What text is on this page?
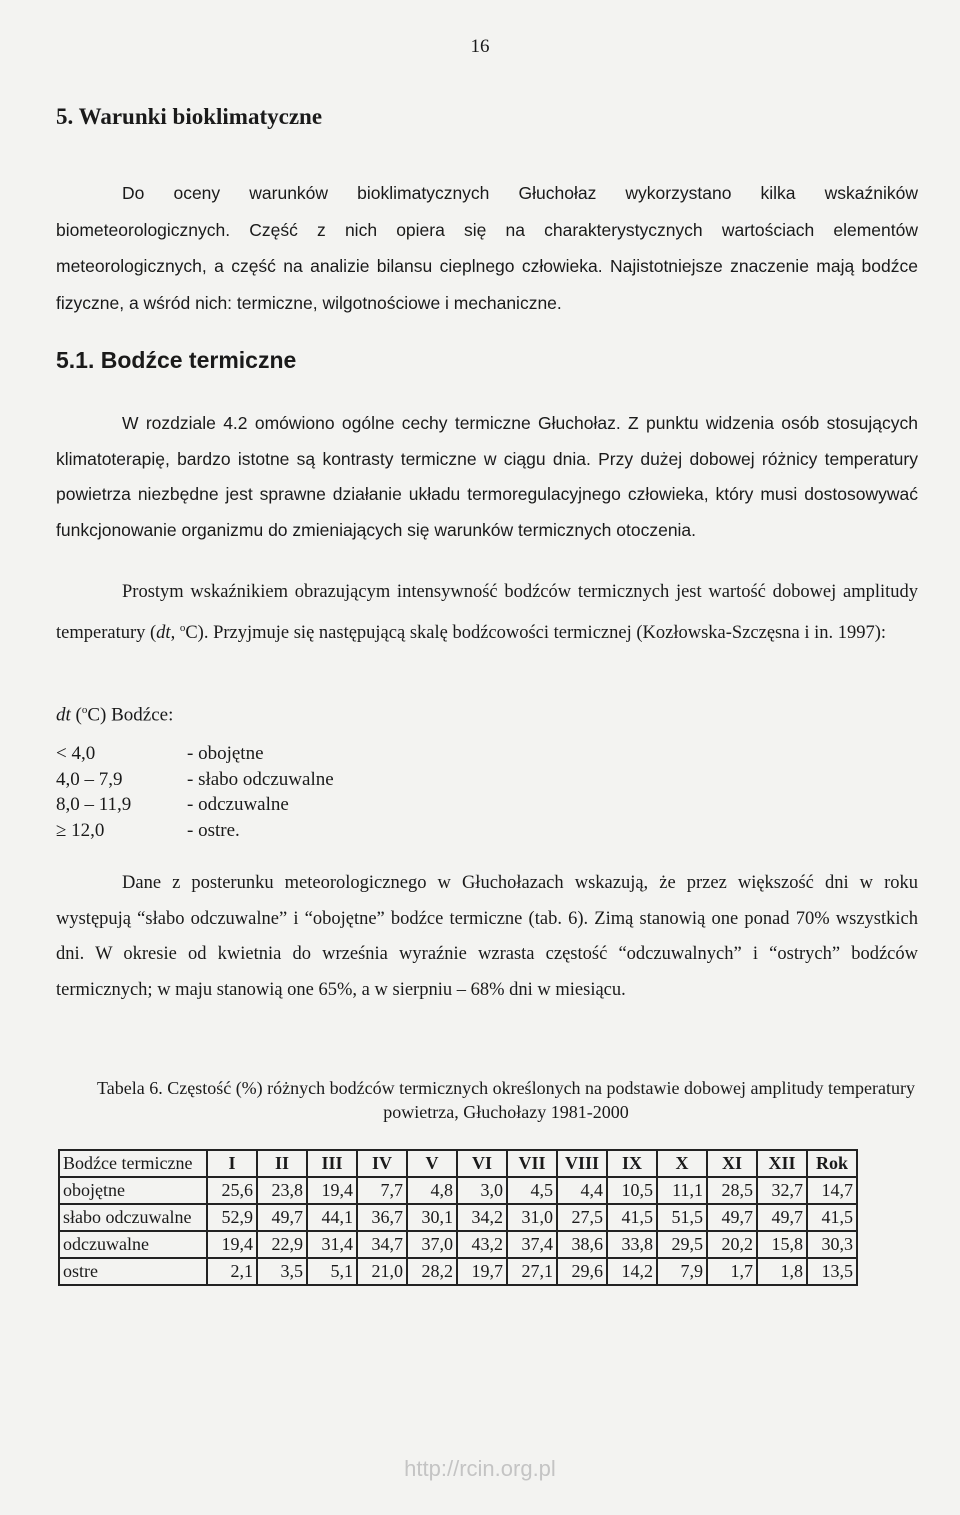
16
5. Warunki bioklimatyczne

Do oceny warunków bioklimatycznych Głuchołaz wykorzystano kilka wskaźników biometeorologicznych. Część z nich opiera się na charakterystycznych wartościach elementów meteorologicznych, a część na analizie bilansu cieplnego człowieka. Najistotniejsze znaczenie mają bodźce fizyczne, a wśród nich: termiczne, wilgotnościowe i mechaniczne.

5.1. Bodźce termiczne

W rozdziale 4.2 omówiono ogólne cechy termiczne Głuchołaz. Z punktu widzenia osób stosujących klimatoterapię, bardzo istotne są kontrasty termiczne w ciągu dnia. Przy dużej dobowej różnicy temperatury powietrza niezbędne jest sprawne działanie układu termoregulacyjnego człowieka, który musi dostosowywać funkcjonowanie organizmu do zmieniających się warunków termicznych otoczenia.

Prostym wskaźnikiem obrazującym intensywność bodźców termicznych jest wartość dobowej amplitudy temperatury (dt, $^o$C). Przyjmuje się następującą skalę bodźcowości termicznej (Kozłowska-Szczęsna i in. 1997):

dt ($^o$C) Bodźce:
< 4,0	- obojętne
4,0 – 7,9	- słabo odczuwalne
8,0 – 11,9	- odczuwalne
≥ 12,0	- ostre.

Dane z posterunku meteorologicznego w Głuchołazach wskazują, że przez większość dni w roku występują “słabo odczuwalne” i “obojętne” bodźce termiczne (tab. 6). Zimą stanowią one ponad 70% wszystkich dni. W okresie od kwietnia do września wyraźnie wzrasta częstość “odczuwalnych” i “ostrych” bodźców termicznych; w maju stanowią one 65%, a w sierpniu – 68% dni w miesiącu.

Tabela 6. Częstość (%) różnych bodźców termicznych określonych na podstawie dobowej amplitudy temperatury powietrza, Głuchołazy 1981-2000

Bodźce termiczne	I	II	III	IV	V	VI	VII	VIII	IX	X	XI	XII	Rok
obojętne	25,6	23,8	19,4	7,7	4,8	3,0	4,5	4,4	10,5	11,1	28,5	32,7	14,7
słabo odczuwalne	52,9	49,7	44,1	36,7	30,1	34,2	31,0	27,5	41,5	51,5	49,7	49,7	41,5
odczuwalne	19,4	22,9	31,4	34,7	37,0	43,2	37,4	38,6	33,8	29,5	20,2	15,8	30,3
ostre	2,1	3,5	5,1	21,0	28,2	19,7	27,1	29,6	14,2	7,9	1,7	1,8	13,5
http://rcin.org.pl
